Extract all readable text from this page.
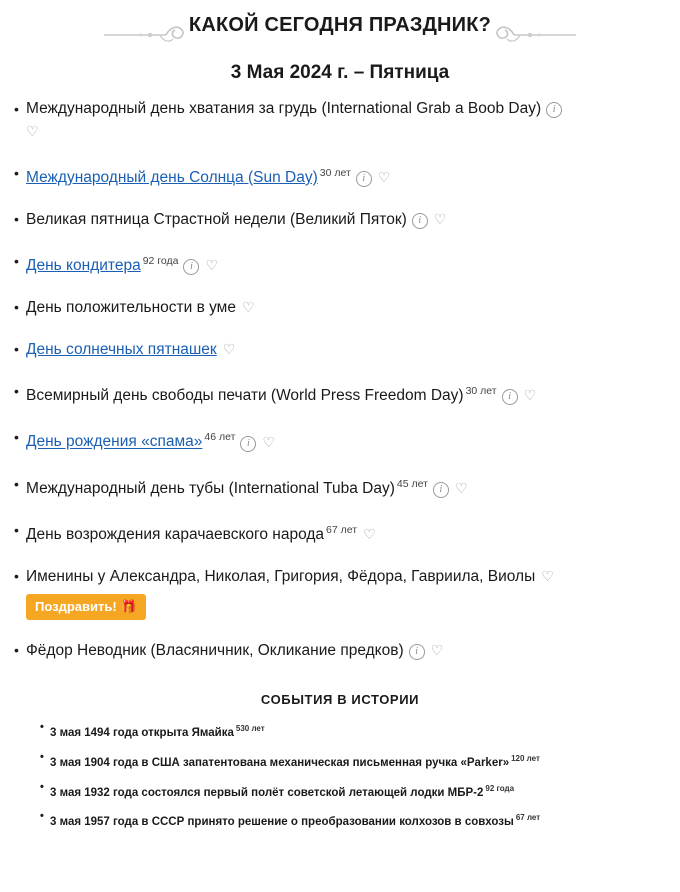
КАКОЙ СЕГОДНЯ ПРАЗДНИК?
3 Мая 2024 г. – Пятница
• Международный день хватания за грудь (International Grab a Boob Day) i
♡
• Международный день Солнца (Sun Day) $^{30 лет}$ i ♡
• Великая пятница Страстной недели (Великий Пяток) i ♡
• День кондитера $^{92 года}$ i ♡
• День положительности в уме ♡
• День солнечных пятнашек ♡
• Всемирный день свободы печати (World Press Freedom Day) $^{30 лет}$ i ♡
• День рождения «спама» $^{46 лет}$ i ♡
• Международный день тубы (International Tuba Day) $^{45 лет}$ i ♡
• День возрождения карачаевского народа $^{67 лет}$ ♡
• Именины у Александра, Николая, Григория, Фёдора, Гавриила, Виолы ♡
Поздравить! 🎁
• Фёдор Неводник (Власяничник, Окликание предков) i ♡
СОБЫТИЯ В ИСТОРИИ
• 3 мая 1494 года открыта Ямайка $^{530 лет}$
• 3 мая 1904 года в США запатентована механическая письменная ручка «Parker» $^{120 лет}$
• 3 мая 1932 года состоялся первый полёт советской летающей лодки МБР-2 $^{92 года}$
• 3 мая 1957 года в СССР принято решение о преобразовании колхозов в совхозы $^{67 лет}$
